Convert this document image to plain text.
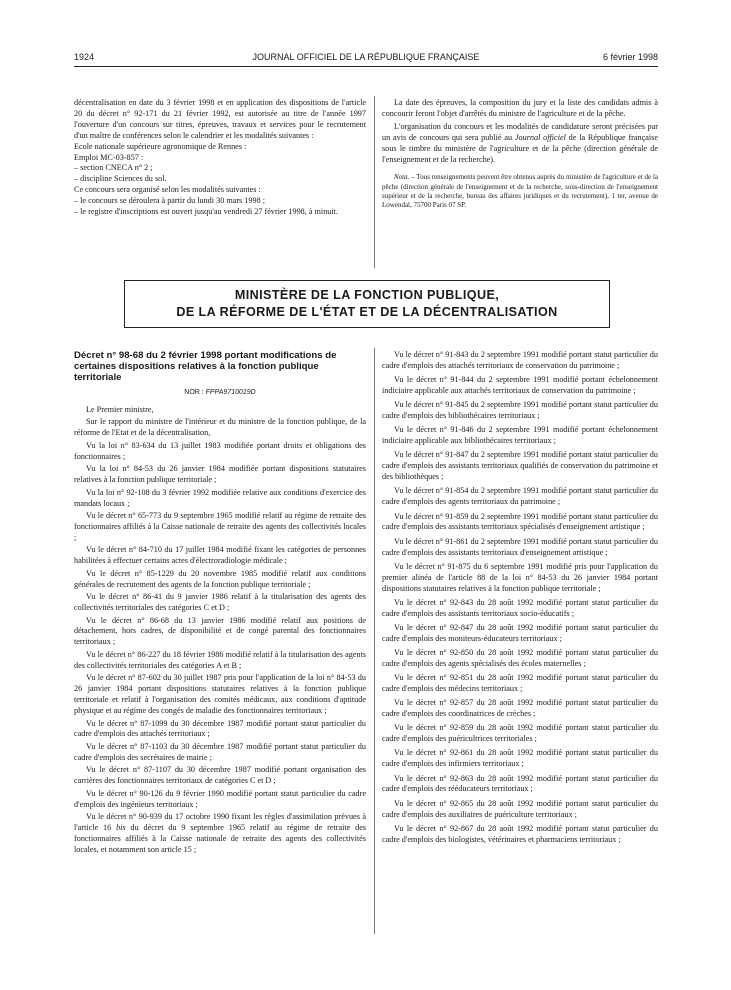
1924	JOURNAL OFFICIEL DE LA RÉPUBLIQUE FRANÇAISE	6 février 1998

décentralisation en date du 3 février 1998 et en application des dispositions de l'article 20 du décret n° 92-171 du 21 février 1992, est autorisée au titre de l'année 1997 l'ouverture d'un concours sur titres, épreuves, travaux et services pour le recrutement d'un maître de conférences selon le calendrier et les modalités suivantes :

Ecole nationale supérieure agronomique de Rennes :

Emploi MC-03-857 :

– section CNECA n° 2 ;

– discipline Sciences du sol.

Ce concours sera organisé selon les modalités suivantes :

– le concours se déroulera à partir du lundi 30 mars 1998 ;

– le registre d'inscriptions est ouvert jusqu'au vendredi 27 février 1998, à minuit.

La date des épreuves, la composition du jury et la liste des candidats admis à concourir feront l'objet d'arrêtés du ministre de l'agriculture et de la pêche.

L'organisation du concours et les modalités de candidature seront précisées par un avis de concours qui sera publié au Journal officiel de la République française sous le timbre du ministère de l'agriculture et de la pêche (direction générale de l'enseignement et de la recherche).

Nota. – Tous renseignements peuvent être obtenus auprès du ministère de l'agriculture et de la pêche (direction générale de l'enseignement et de la recherche, sous-direction de l'enseignement supérieur et de la recherche, bureau des affaires juridiques et du recrutement), 1 ter, avenue de Lowendal, 75700 Paris 07 SP.

MINISTÈRE DE LA FONCTION PUBLIQUE,
DE LA RÉFORME DE L'ÉTAT ET DE LA DÉCENTRALISATION
Décret n° 98-68 du 2 février 1998 portant modifications de certaines dispositions relatives à la fonction publique territoriale

NOR : FPPA9710019D

Le Premier ministre,

Sur le rapport du ministre de l'intérieur et du ministre de la fonction publique, de la réforme de l'Etat et de la décentralisation,

Vu la loi n° 83-634 du 13 juillet 1983 modifiée portant droits et obligations des fonctionnaires ;

Vu la loi n° 84-53 du 26 janvier 1984 modifiée portant dispositions statutaires relatives à la fonction publique territoriale ;

Vu la loi n° 92-108 du 3 février 1992 modifiée relative aux conditions d'exercice des mandats locaux ;

Vu le décret n° 65-773 du 9 septembre 1965 modifié relatif au régime de retraite des fonctionnaires affiliés à la Caisse nationale de retraite des agents des collectivités locales ;

Vu le décret n° 84-710 du 17 juillet 1984 modifié fixant les catégories de personnes habilitées à effectuer certains actes d'électroradiologie médicale ;

Vu le décret n° 85-1229 du 20 novembre 1985 modifié relatif aux conditions générales de recrutement des agents de la fonction publique territoriale ;

Vu le décret n° 86-41 du 9 janvier 1986 relatif à la titularisation des agents des collectivités territoriales des catégories C et D ;

Vu le décret n° 86-68 du 13 janvier 1986 modifié relatif aux positions de détachement, hors cadres, de disponibilité et de congé parental des fonctionnaires territoriaux ;

Vu le décret n° 86-227 du 18 février 1986 modifié relatif à la titularisation des agents des collectivités territoriales des catégories A et B ;

Vu le décret n° 87-602 du 30 juillet 1987 pris pour l'application de la loi n° 84-53 du 26 janvier 1984 portant dispositions statutaires relatives à la fonction publique territoriale et relatif à l'organisation des comités médicaux, aux conditions d'aptitude physique et au régime des congés de maladie des fonctionnaires territoriaux ;

Vu le décret n° 87-1099 du 30 décembre 1987 modifié portant statut particulier du cadre d'emplois des attachés territoriaux ;

Vu le décret n° 87-1103 du 30 décembre 1987 modifié portant statut particulier du cadre d'emplois des secrétaires de mairie ;

Vu le décret n° 87-1107 du 30 décembre 1987 modifié portant organisation des carrières des fonctionnaires territoriaux de catégories C et D ;

Vu le décret n° 90-126 du 9 février 1990 modifié portant statut particulier du cadre d'emplois des ingénieurs territoriaux ;

Vu le décret n° 90-939 du 17 octobre 1990 fixant les règles d'assimilation prévues à l'article 16 bis du décret du 9 septembre 1965 relatif au régime de retraite des fonctionnaires affiliés à la Caisse nationale de retraite des agents des collectivités locales, et notamment son article 15 ;

Vu le décret n° 91-843 du 2 septembre 1991 modifié portant statut particulier du cadre d'emplois des attachés territoriaux de conservation du patrimoine ;

Vu le décret n° 91-844 du 2 septembre 1991 modifié portant échelonnement indiciaire applicable aux attachés territoriaux de conservation du patrimoine ;

Vu le décret n° 91-845 du 2 septembre 1991 modifié portant statut particulier du cadre d'emplois des bibliothécaires territoriaux ;

Vu le décret n° 91-846 du 2 septembre 1991 modifié portant échelonnement indiciaire applicable aux bibliothécaires territoriaux ;

Vu le décret n° 91-847 du 2 septembre 1991 modifié portant statut particulier du cadre d'emplois des assistants territoriaux qualifiés de conservation du patrimoine et des bibliothèques ;

Vu le décret n° 91-854 du 2 septembre 1991 modifié portant statut particulier du cadre d'emplois des agents territoriaux du patrimoine ;

Vu le décret n° 91-859 du 2 septembre 1991 modifié portant statut particulier du cadre d'emplois des assistants territoriaux spécialisés d'enseignement artistique ;

Vu le décret n° 91-861 du 2 septembre 1991 modifié portant statut particulier du cadre d'emplois des assistants territoriaux d'enseignement artistique ;

Vu le décret n° 91-875 du 6 septembre 1991 modifié pris pour l'application du premier alinéa de l'article 88 de la loi n° 84-53 du 26 janvier 1984 portant dispositions statutaires relatives à la fonction publique territoriale ;

Vu le décret n° 92-843 du 28 août 1992 modifié portant statut particulier du cadre d'emplois des assistants territoriaux socio-éducatifs ;

Vu le décret n° 92-847 du 28 août 1992 modifié portant statut particulier du cadre d'emplois des moniteurs-éducateurs territoriaux ;

Vu le décret n° 92-850 du 28 août 1992 modifié portant statut particulier du cadre d'emplois des agents spécialisés des écoles maternelles ;

Vu le décret n° 92-851 du 28 août 1992 modifié portant statut particulier du cadre d'emplois des médecins territoriaux ;

Vu le décret n° 92-857 du 28 août 1992 modifié portant statut particulier du cadre d'emplois des coordinatrices de crèches ;

Vu le décret n° 92-859 du 28 août 1992 modifié portant statut particulier du cadre d'emplois des puéricultrices territoriales ;

Vu le décret n° 92-861 du 28 août 1992 modifié portant statut particulier du cadre d'emplois des infirmiers territoriaux ;

Vu le décret n° 92-863 du 28 août 1992 modifié portant statut particulier du cadre d'emplois des rééducateurs territoriaux ;

Vu le décret n° 92-865 du 28 août 1992 modifié portant statut particulier du cadre d'emplois des auxiliaires de puériculture territoriaux ;

Vu le décret n° 92-867 du 28 août 1992 modifié portant statut particulier du cadre d'emplois des biologistes, vétérinaires et pharmaciens territoriaux ;
